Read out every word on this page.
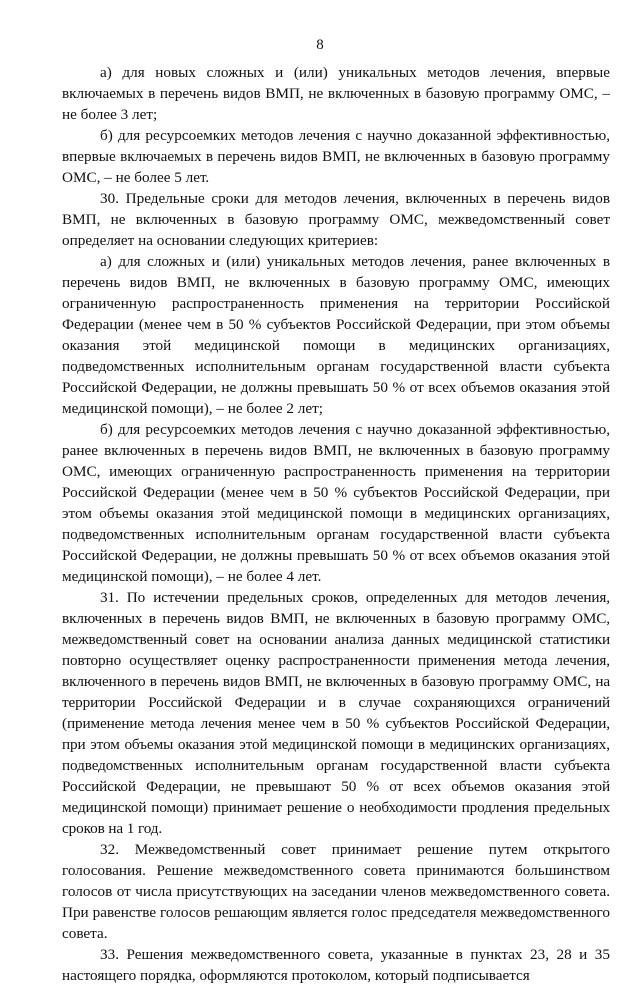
8

а) для новых сложных и (или) уникальных методов лечения, впервые включаемых в перечень видов ВМП, не включенных в базовую программу ОМС, – не более 3 лет;

б) для ресурсоемких методов лечения с научно доказанной эффективностью, впервые включаемых в перечень видов ВМП, не включенных в базовую программу ОМС, – не более 5 лет.

30. Предельные сроки для методов лечения, включенных в перечень видов ВМП, не включенных в базовую программу ОМС, межведомственный совет определяет на основании следующих критериев:

а) для сложных и (или) уникальных методов лечения, ранее включенных в перечень видов ВМП, не включенных в базовую программу ОМС, имеющих ограниченную распространенность применения на территории Российской Федерации (менее чем в 50 % субъектов Российской Федерации, при этом объемы оказания этой медицинской помощи в медицинских организациях, подведомственных исполнительным органам государственной власти субъекта Российской Федерации, не должны превышать 50 % от всех объемов оказания этой медицинской помощи), – не более 2 лет;

б) для ресурсоемких методов лечения с научно доказанной эффективностью, ранее включенных в перечень видов ВМП, не включенных в базовую программу ОМС, имеющих ограниченную распространенность применения на территории Российской Федерации (менее чем в 50 % субъектов Российской Федерации, при этом объемы оказания этой медицинской помощи в медицинских организациях, подведомственных исполнительным органам государственной власти субъекта Российской Федерации, не должны превышать 50 % от всех объемов оказания этой медицинской помощи), – не более 4 лет.

31. По истечении предельных сроков, определенных для методов лечения, включенных в перечень видов ВМП, не включенных в базовую программу ОМС, межведомственный совет на основании анализа данных медицинской статистики повторно осуществляет оценку распространенности применения метода лечения, включенного в перечень видов ВМП, не включенных в базовую программу ОМС, на территории Российской Федерации и в случае сохраняющихся ограничений (применение метода лечения менее чем в 50 % субъектов Российской Федерации, при этом объемы оказания этой медицинской помощи в медицинских организациях, подведомственных исполнительным органам государственной власти субъекта Российской Федерации, не превышают 50 % от всех объемов оказания этой медицинской помощи) принимает решение о необходимости продления предельных сроков на 1 год.

32. Межведомственный совет принимает решение путем открытого голосования. Решение межведомственного совета принимаются большинством голосов от числа присутствующих на заседании членов межведомственного совета. При равенстве голосов решающим является голос председателя межведомственного совета.

33. Решения межведомственного совета, указанные в пунктах 23, 28 и 35 настоящего порядка, оформляются протоколом, который подписывается
